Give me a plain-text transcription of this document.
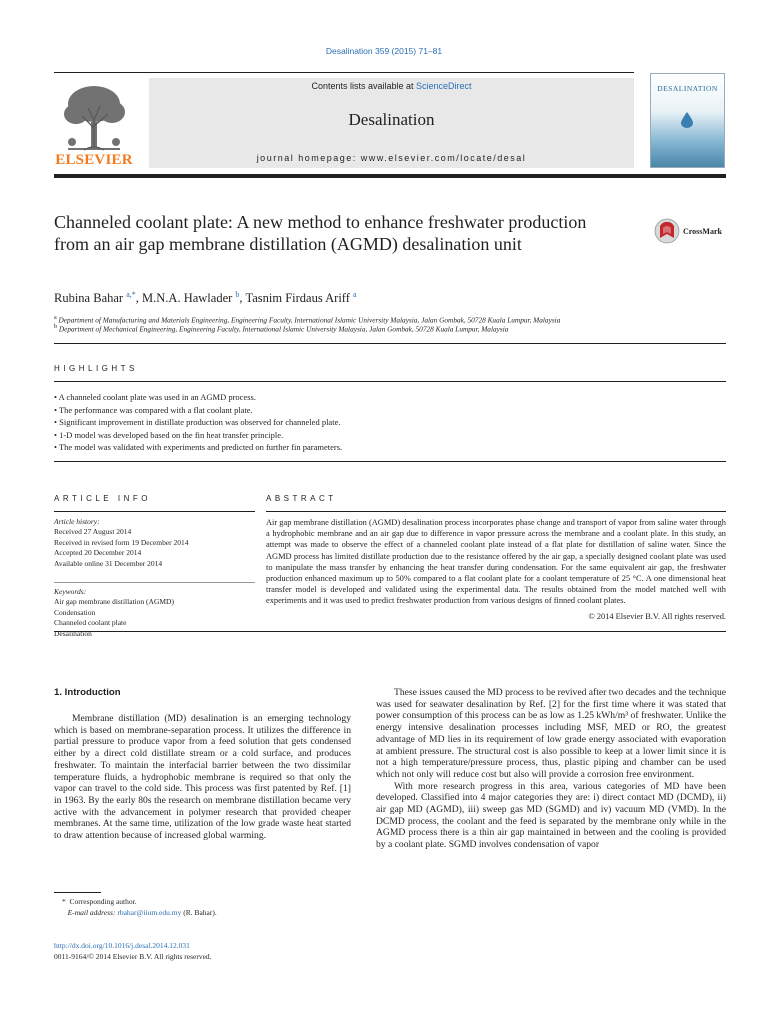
Desalination 359 (2015) 71–81
ELSEVIER
Contents lists available at ScienceDirect
Desalination
journal homepage: www.elsevier.com/locate/desal
DESALINATION
Channeled coolant plate: A new method to enhance freshwater production from an air gap membrane distillation (AGMD) desalination unit
CrossMark
Rubina Bahar $^{a,*}$, M.N.A. Hawlader $^b$, Tasnim Firdaus Ariff $^a$
$^a$ Department of Manufacturing and Materials Engineering, Engineering Faculty, International Islamic University Malaysia, Jalan Gombak, 50728 Kuala Lumpur, Malaysia
$^b$ Department of Mechanical Engineering, Engineering Faculty, International Islamic University Malaysia, Jalan Gombak, 50728 Kuala Lumpur, Malaysia
HIGHLIGHTS
• A channeled coolant plate was used in an AGMD process.
• The performance was compared with a flat coolant plate.
• Significant improvement in distillate production was observed for channeled plate.
• 1-D model was developed based on the fin heat transfer principle.
• The model was validated with experiments and predicted on further fin parameters.
ARTICLE INFO
Article history:
Received 27 August 2014
Received in revised form 19 December 2014
Accepted 20 December 2014
Available online 31 December 2014
Keywords:
Air gap membrane distillation (AGMD)
Condensation
Channeled coolant plate
Desalination
ABSTRACT
Air gap membrane distillation (AGMD) desalination process incorporates phase change and transport of vapor from saline water through a hydrophobic membrane and an air gap due to difference in vapor pressure across the membrane and a coolant plate. In this study, an attempt was made to observe the effect of a channeled coolant plate instead of a flat plate for distillation of saline water. Since the AGMD process has limited distillate production due to the resistance offered by the air gap, a specially designed coolant plate was used to manipulate the mass transfer by enhancing the heat transfer during condensation. For the same equivalent air gap, the freshwater production enhanced maximum up to 50% compared to a flat coolant plate for a coolant temperature of 25 °C. A one dimensional heat transfer model is developed and validated using the experimental data. The results obtained from the model matched well with experiments and it was used to predict freshwater production from various designs of finned coolant plates.
© 2014 Elsevier B.V. All rights reserved.
1. Introduction

Membrane distillation (MD) desalination is an emerging technology which is based on membrane-separation process. It utilizes the difference in partial pressure to produce vapor from a feed solution that gets condensed either by a direct cold distillate stream or a cold surface, and produces freshwater. To maintain the interfacial barrier between the two dissimilar temperature fluids, a hydrophobic membrane is required so that only the vapor can travel to the cold side. This process was first patented by Ref. [1] in 1963. By the early 80s the research on membrane distillation became very active with the advancement in polymer research that provided cheaper membranes. At the same time, utilization of the low grade waste heat started to draw attention because of increased global warming.

These issues caused the MD process to be revived after two decades and the technique was used for seawater desalination by Ref. [2] for the first time where it was stated that power consumption of this process can be as low as 1.25 kWh/m³ of freshwater. Unlike the energy intensive desalination processes including MSF, MED or RO, the greatest advantage of MD lies in its requirement of low grade energy associated with evaporation at ambient pressure. The structural cost is also possible to keep at a lower limit since it is not a high temperature/pressure process, thus, plastic piping and chamber can be used which not only will reduce cost but also will provide a corrosion free environment.

With more research progress in this area, various categories of MD have been developed. Classified into 4 major categories they are: i) direct contact MD (DCMD), ii) air gap MD (AGMD), iii) sweep gas MD (SGMD) and iv) vacuum MD (VMD). In the DCMD process, the coolant and the feed is separated by the membrane only while in the AGMD process there is a thin air gap maintained in between and the cooling is provided by a coolant plate. SGMD involves condensation of vapor

* Corresponding author.
E-mail address: rbahar@iium.edu.my (R. Bahar).
http://dx.doi.org/10.1016/j.desal.2014.12.031
0011-9164/© 2014 Elsevier B.V. All rights reserved.
